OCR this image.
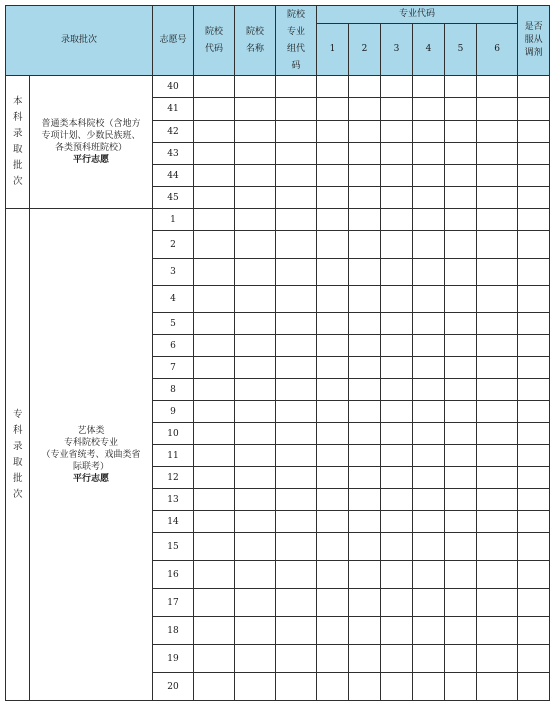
录取批次		志愿号	院校代码	院校名称	院校专业组代码	专业代码						是否服从调剂

						1	2	3	4	5	6	

本科录取批次	普通类本科院校（含地方
专项计划、少数民族班、
各类预科班院校）
平行志愿	40										
		41										
		42										
		43										
		44										
		45										

专科录取批次	艺体类
专科院校专业
（专业省统考、戏曲类省
际联考）
平行志愿	1										
		2										
		3										
		4										
		5										
		6										
		7										
		8										
		9										
		10										
		11										
		12										
		13										
		14										
		15										
		16										
		17										
		18										
		19										
		20										
